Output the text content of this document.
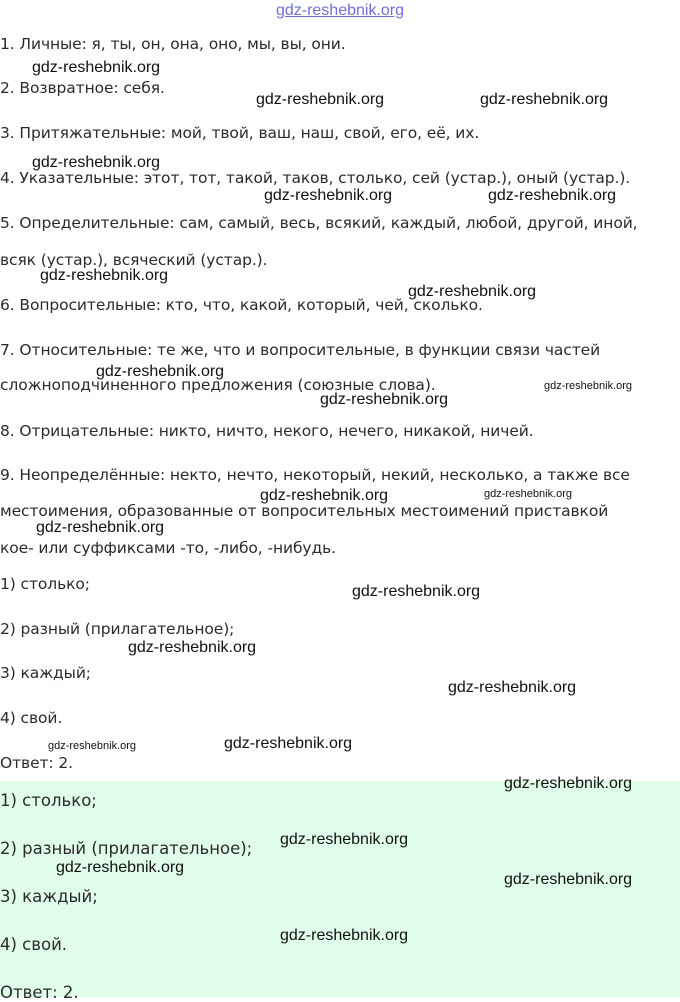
gdz-reshebnik.org
1. Личные: я, ты, он, она, оно, мы, вы, они.
2. Возвратное: себя.
3. Притяжательные: мой, твой, ваш, наш, свой, его, её, их.
4. Указательные: этот, тот, такой, таков, столько, сей (устар.), оный (устар.).
5. Определительные: сам, самый, весь, всякий, каждый, любой, другой, иной,
всяк (устар.), всяческий (устар.).
6. Вопросительные: кто, что, какой, который, чей, сколько.
7. Относительные: те же, что и вопросительные, в функции связи частей
сложноподчиненного предложения (союзные слова).
8. Отрицательные: никто, ничто, некого, нечего, никакой, ничей.
9. Неопределённые: некто, нечто, некоторый, некий, несколько, а также все
местоимения, образованные от вопросительных местоимений приставкой
кое- или суффиксами -то, -либо, -нибудь.
1) столько;
2) разный (прилагательное);
3) каждый;
4) свой.
Ответ: 2.
1) столько;
2) разный (прилагательное);
3) каждый;
4) свой.
Ответ: 2.
gdz-reshebnik.org
gdz-reshebnik.org	gdz-reshebnik.org
gdz-reshebnik.org
gdz-reshebnik.org	gdz-reshebnik.org
gdz-reshebnik.org
gdz-reshebnik.org
gdz-reshebnik.org
gdz-reshebnik.org
gdz-reshebnik.org
gdz-reshebnik.org	gdz-reshebnik.org
gdz-reshebnik.org
gdz-reshebnik.org
gdz-reshebnik.org
gdz-reshebnik.org
gdz-reshebnik.org	gdz-reshebnik.org
gdz-reshebnik.org
gdz-reshebnik.org
gdz-reshebnik.org
gdz-reshebnik.org
gdz-reshebnik.org
